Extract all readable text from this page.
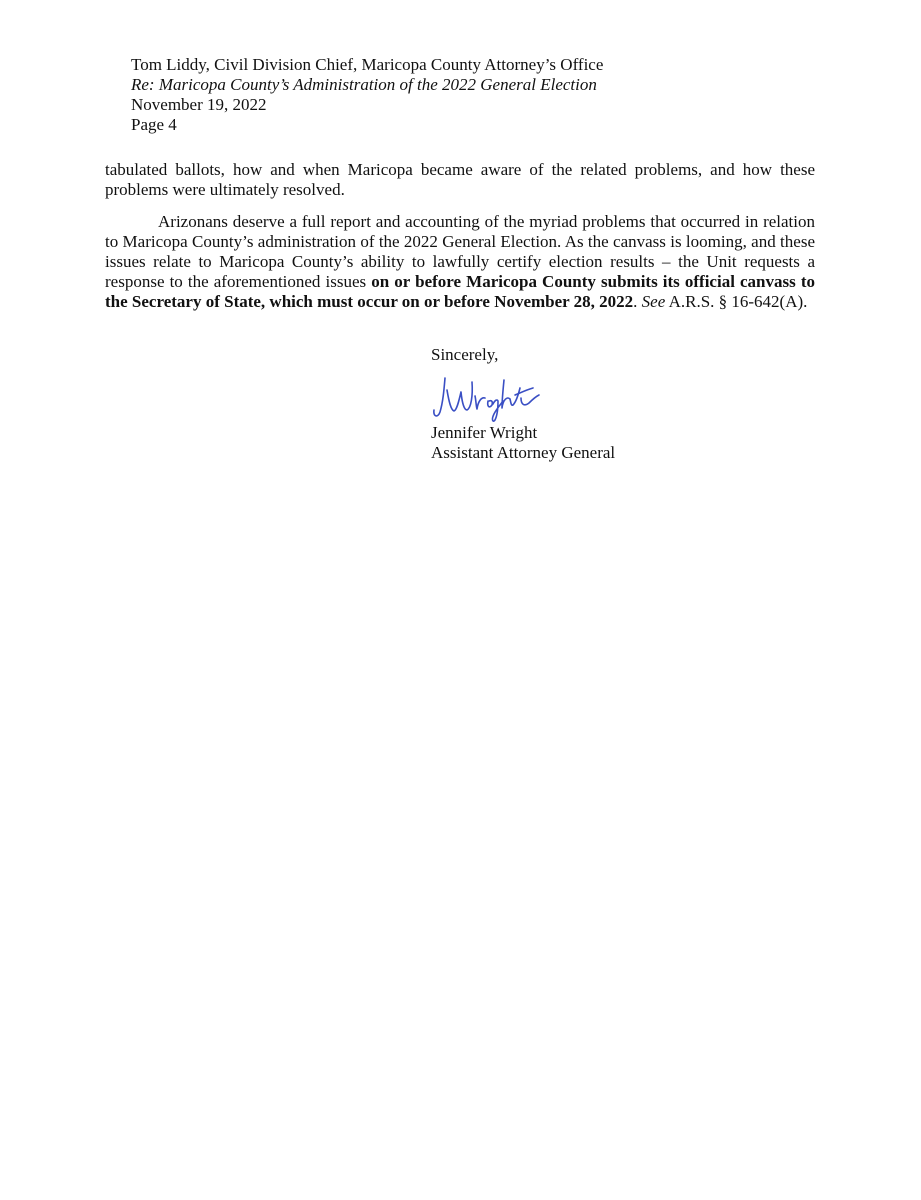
Tom Liddy, Civil Division Chief, Maricopa County Attorney’s Office
Re: Maricopa County’s Administration of the 2022 General Election
November 19, 2022
Page 4

tabulated ballots, how and when Maricopa became aware of the related problems, and how these problems were ultimately resolved.

Arizonans deserve a full report and accounting of the myriad problems that occurred in relation to Maricopa County’s administration of the 2022 General Election. As the canvass is looming, and these issues relate to Maricopa County’s ability to lawfully certify election results – the Unit requests a response to the aforementioned issues on or before Maricopa County submits its official canvass to the Secretary of State, which must occur on or before November 28, 2022. See A.R.S. § 16-642(A).

Sincerely,
Jennifer Wright
Assistant Attorney General
